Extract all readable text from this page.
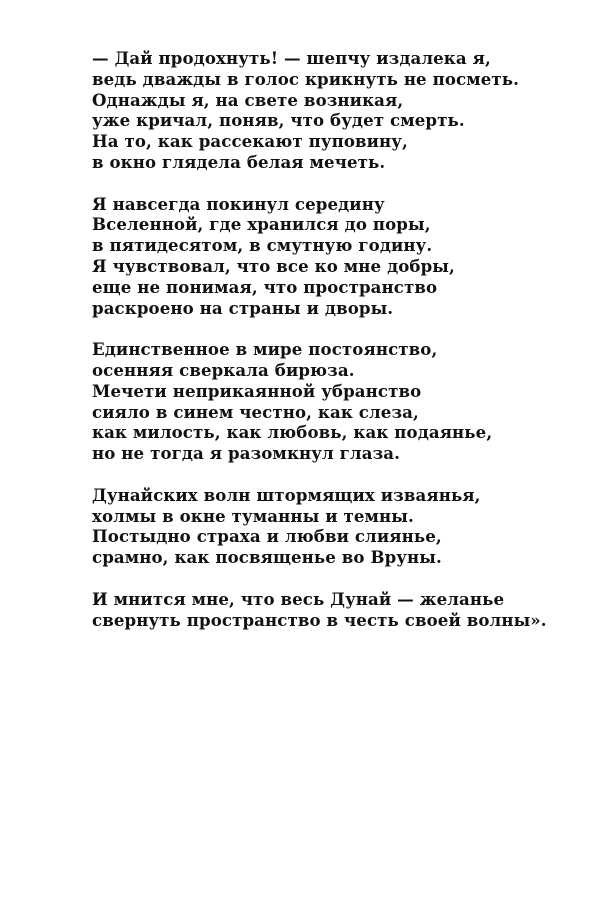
— Дай продохнуть! — шепчу издалека я,
ведь дважды в голос крикнуть не посметь.
Однажды я, на свете возникая,
уже кричал, поняв, что будет смерть.
На то, как рассекают пуповину,
в окно глядела белая мечеть.
Я навсегда покинул середину
Вселенной, где хранился до поры,
в пятидесятом, в смутную годину.
Я чувствовал, что все ко мне добры,
еще не понимая, что пространство
раскроено на страны и дворы.
Единственное в мире постоянство,
осенняя сверкала бирюза.
Мечети неприкаянной убранство
сияло в синем честно, как слеза,
как милость, как любовь, как подаянье,
но не тогда я разомкнул глаза.
Дунайских волн штормящих изваянья,
холмы в окне туманны и темны.
Постыдно страха и любви слиянье,
срамно, как посвященье во Вруны.
И мнится мне, что весь Дунай — желанье
свернуть пространство в честь своей волны».
